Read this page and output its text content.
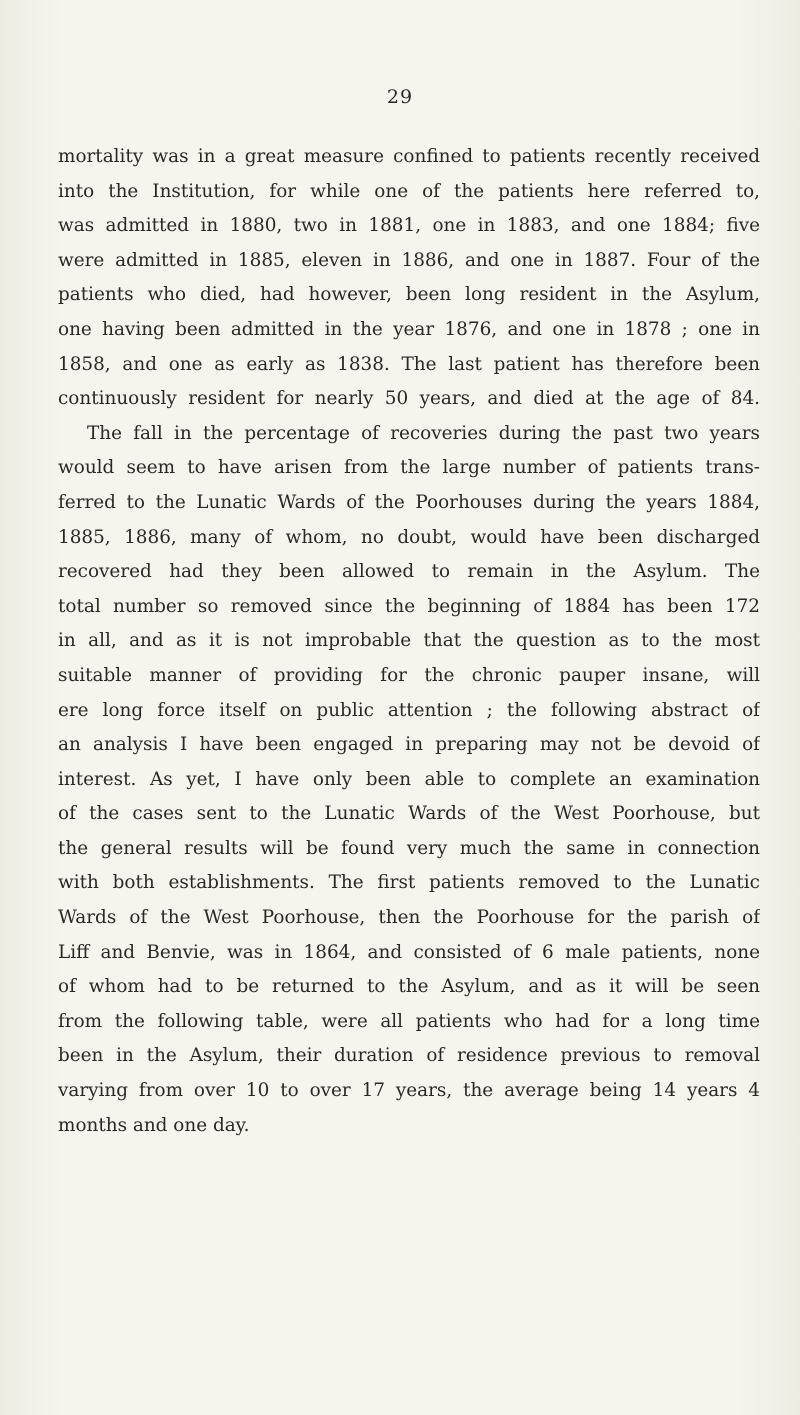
29
mortality was in a great measure confined to patients recently received
into the Institution, for while one of the patients here referred to,
was admitted in 1880, two in 1881, one in 1883, and one 1884; five
were admitted in 1885, eleven in 1886, and one in 1887. Four of the
patients who died, had however, been long resident in the Asylum,
one having been admitted in the year 1876, and one in 1878 ; one in
1858, and one as early as 1838. The last patient has therefore been
continuously resident for nearly 50 years, and died at the age of 84.
The fall in the percentage of recoveries during the past two years
would seem to have arisen from the large number of patients trans-
ferred to the Lunatic Wards of the Poorhouses during the years 1884,
1885, 1886, many of whom, no doubt, would have been discharged
recovered had they been allowed to remain in the Asylum. The
total number so removed since the beginning of 1884 has been 172
in all, and as it is not improbable that the question as to the most
suitable manner of providing for the chronic pauper insane, will
ere long force itself on public attention ; the following abstract of
an analysis I have been engaged in preparing may not be devoid of
interest. As yet, I have only been able to complete an examination
of the cases sent to the Lunatic Wards of the West Poorhouse, but
the general results will be found very much the same in connection
with both establishments. The first patients removed to the Lunatic
Wards of the West Poorhouse, then the Poorhouse for the parish of
Liff and Benvie, was in 1864, and consisted of 6 male patients, none
of whom had to be returned to the Asylum, and as it will be seen
from the following table, were all patients who had for a long time
been in the Asylum, their duration of residence previous to removal
varying from over 10 to over 17 years, the average being 14 years 4
months and one day.
